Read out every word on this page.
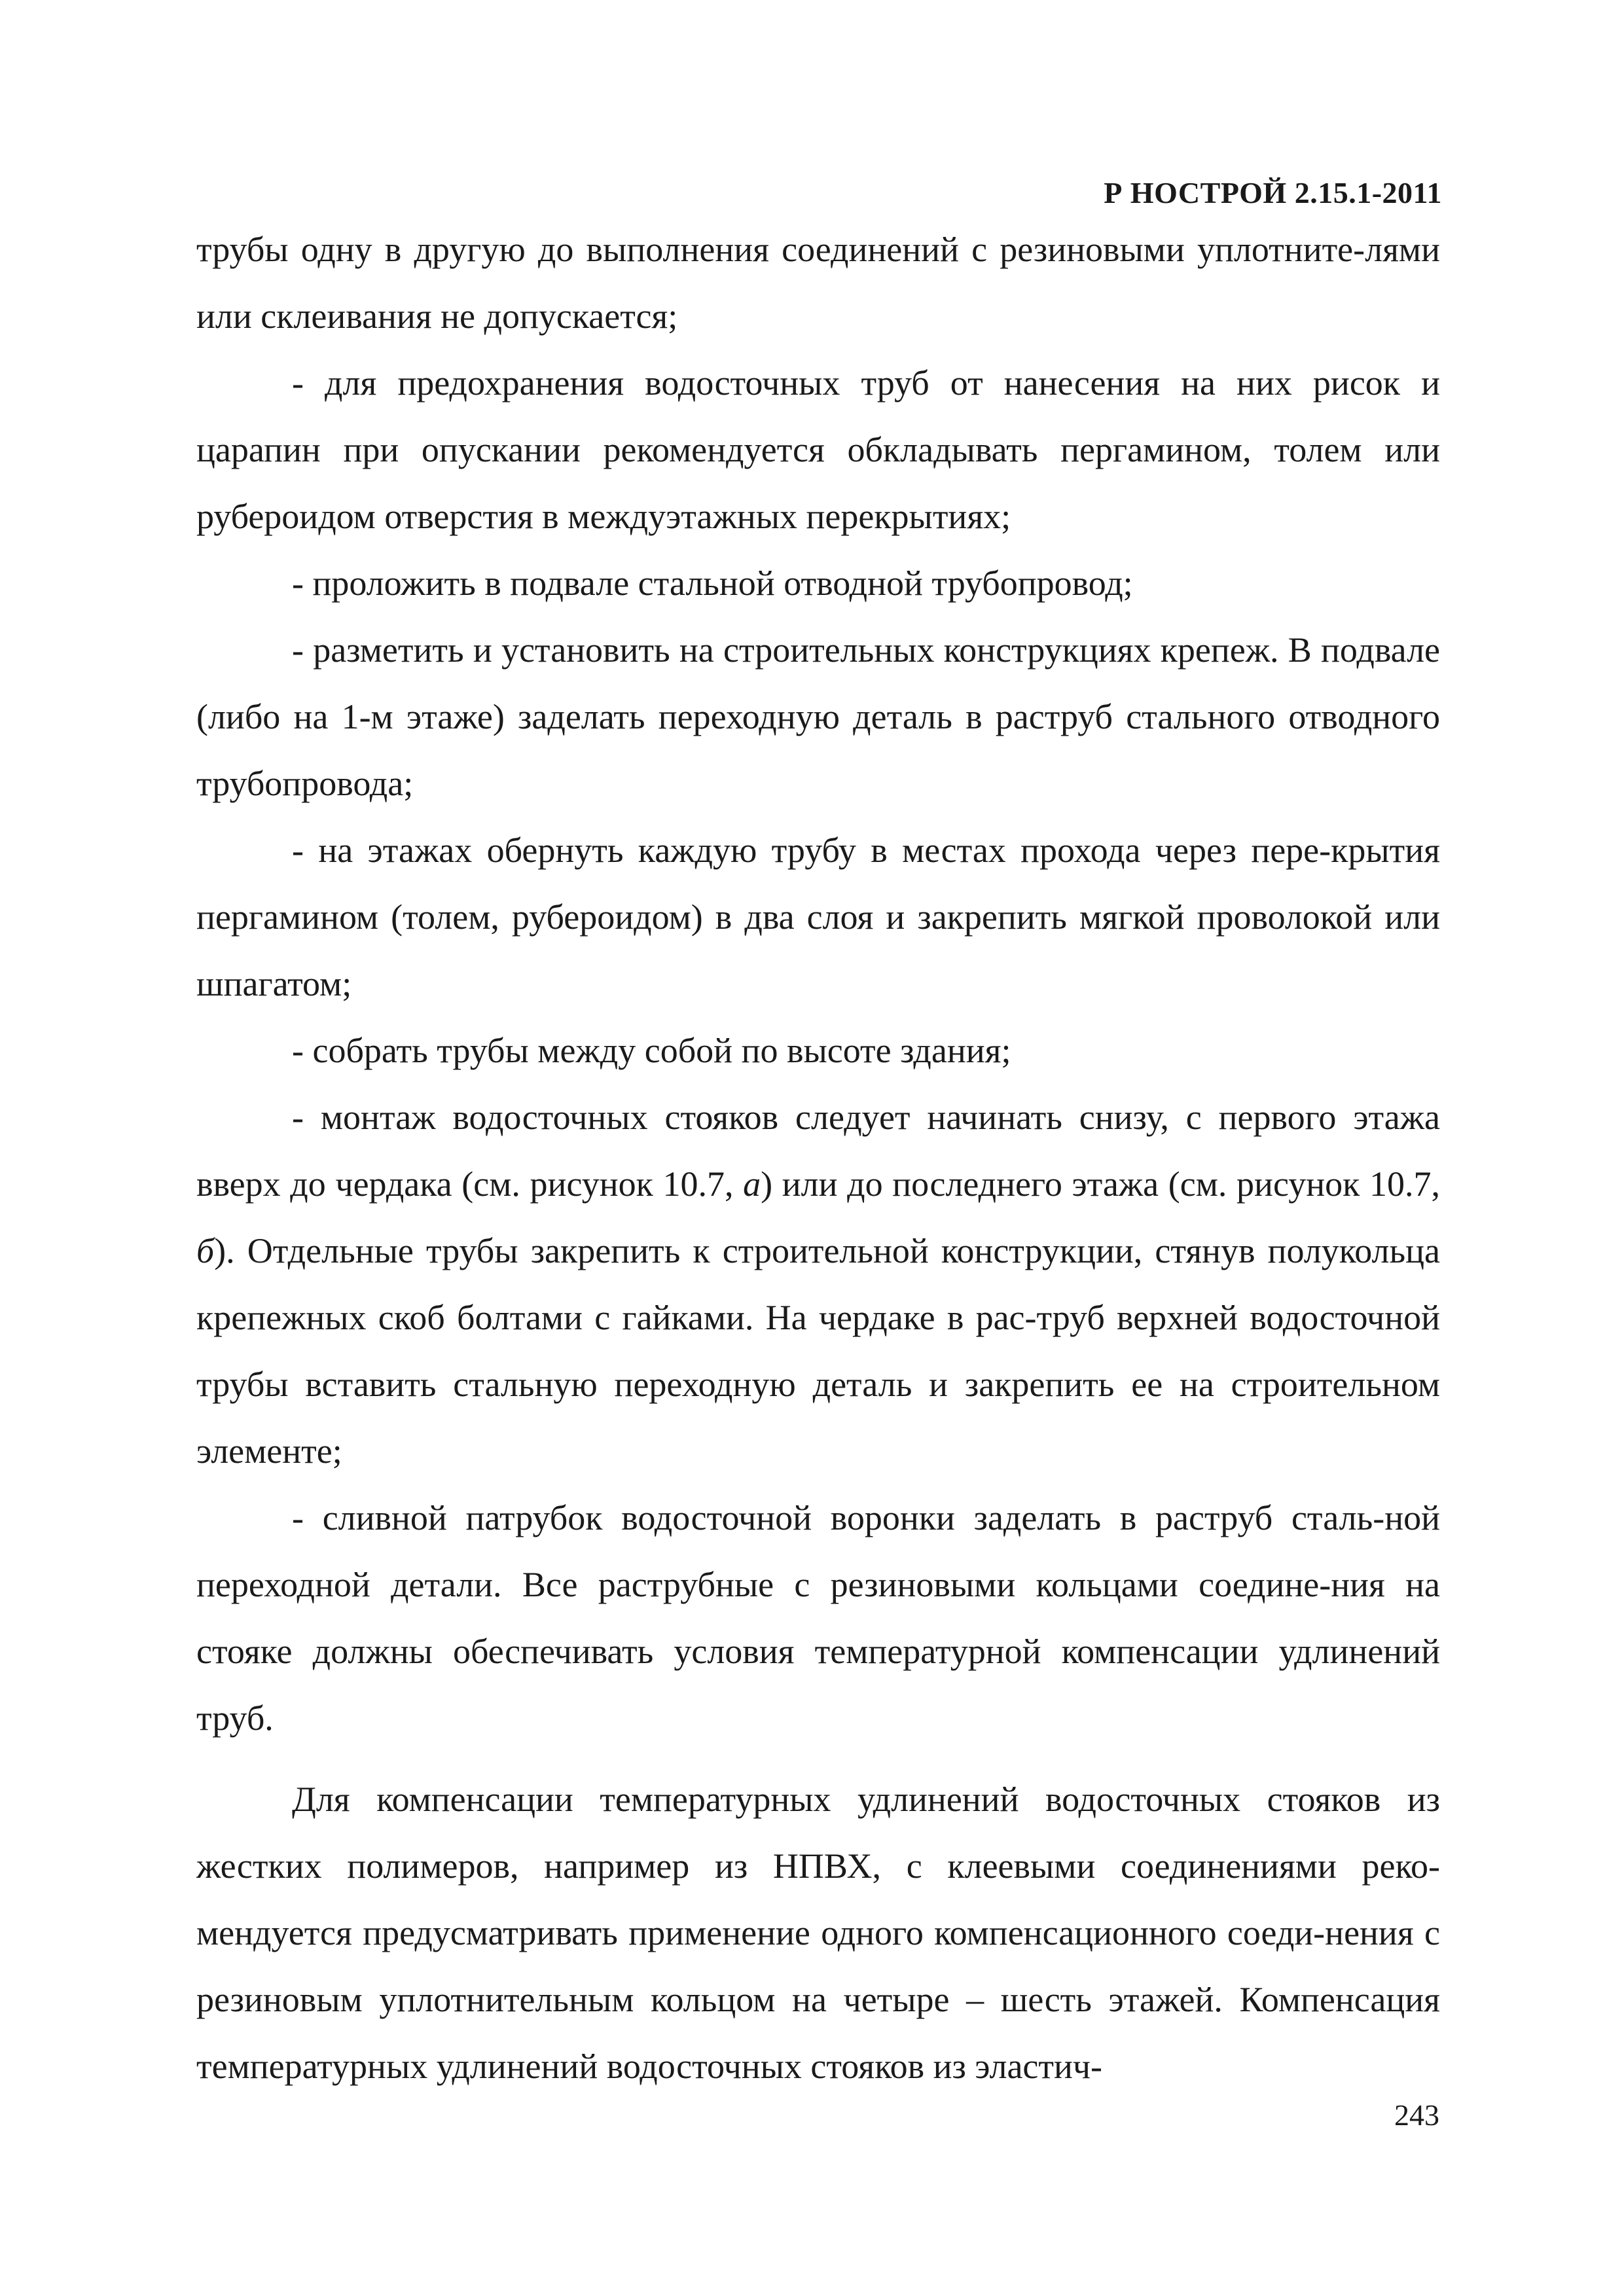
Р НОСТРОЙ 2.15.1-2011

трубы одну в другую до выполнения соединений с резиновыми уплотните-лями или склеивания не допускается;

- для предохранения водосточных труб от нанесения на них рисок и царапин при опускании рекомендуется обкладывать пергамином, толем или рубероидом отверстия в междуэтажных перекрытиях;

- проложить в подвале стальной отводной трубопровод;

- разметить и установить на строительных конструкциях крепеж. В подвале (либо на 1-м этаже) заделать переходную деталь в раструб стального отводного трубопровода;

- на этажах обернуть каждую трубу в местах прохода через пере-крытия пергамином (толем, рубероидом) в два слоя и закрепить мягкой проволокой или шпагатом;

- собрать трубы между собой по высоте здания;

- монтаж водосточных стояков следует начинать снизу, с первого этажа вверх до чердака (см. рисунок 10.7, а) или до последнего этажа (см. рисунок 10.7, б). Отдельные трубы закрепить к строительной конструкции, стянув полукольца крепежных скоб болтами с гайками. На чердаке в рас-труб верхней водосточной трубы вставить стальную переходную деталь и закрепить ее на строительном элементе;

- сливной патрубок водосточной воронки заделать в раструб сталь-ной переходной детали. Все раструбные с резиновыми кольцами соедине-ния на стояке должны обеспечивать условия температурной компенсации удлинений труб.

Для компенсации температурных удлинений водосточных стояков из жестких полимеров, например из НПВХ, с клеевыми соединениями реко-мендуется предусматривать применение одного компенсационного соеди-нения с резиновым уплотнительным кольцом на четыре – шесть этажей. Компенсация температурных удлинений водосточных стояков из эластич-

243
